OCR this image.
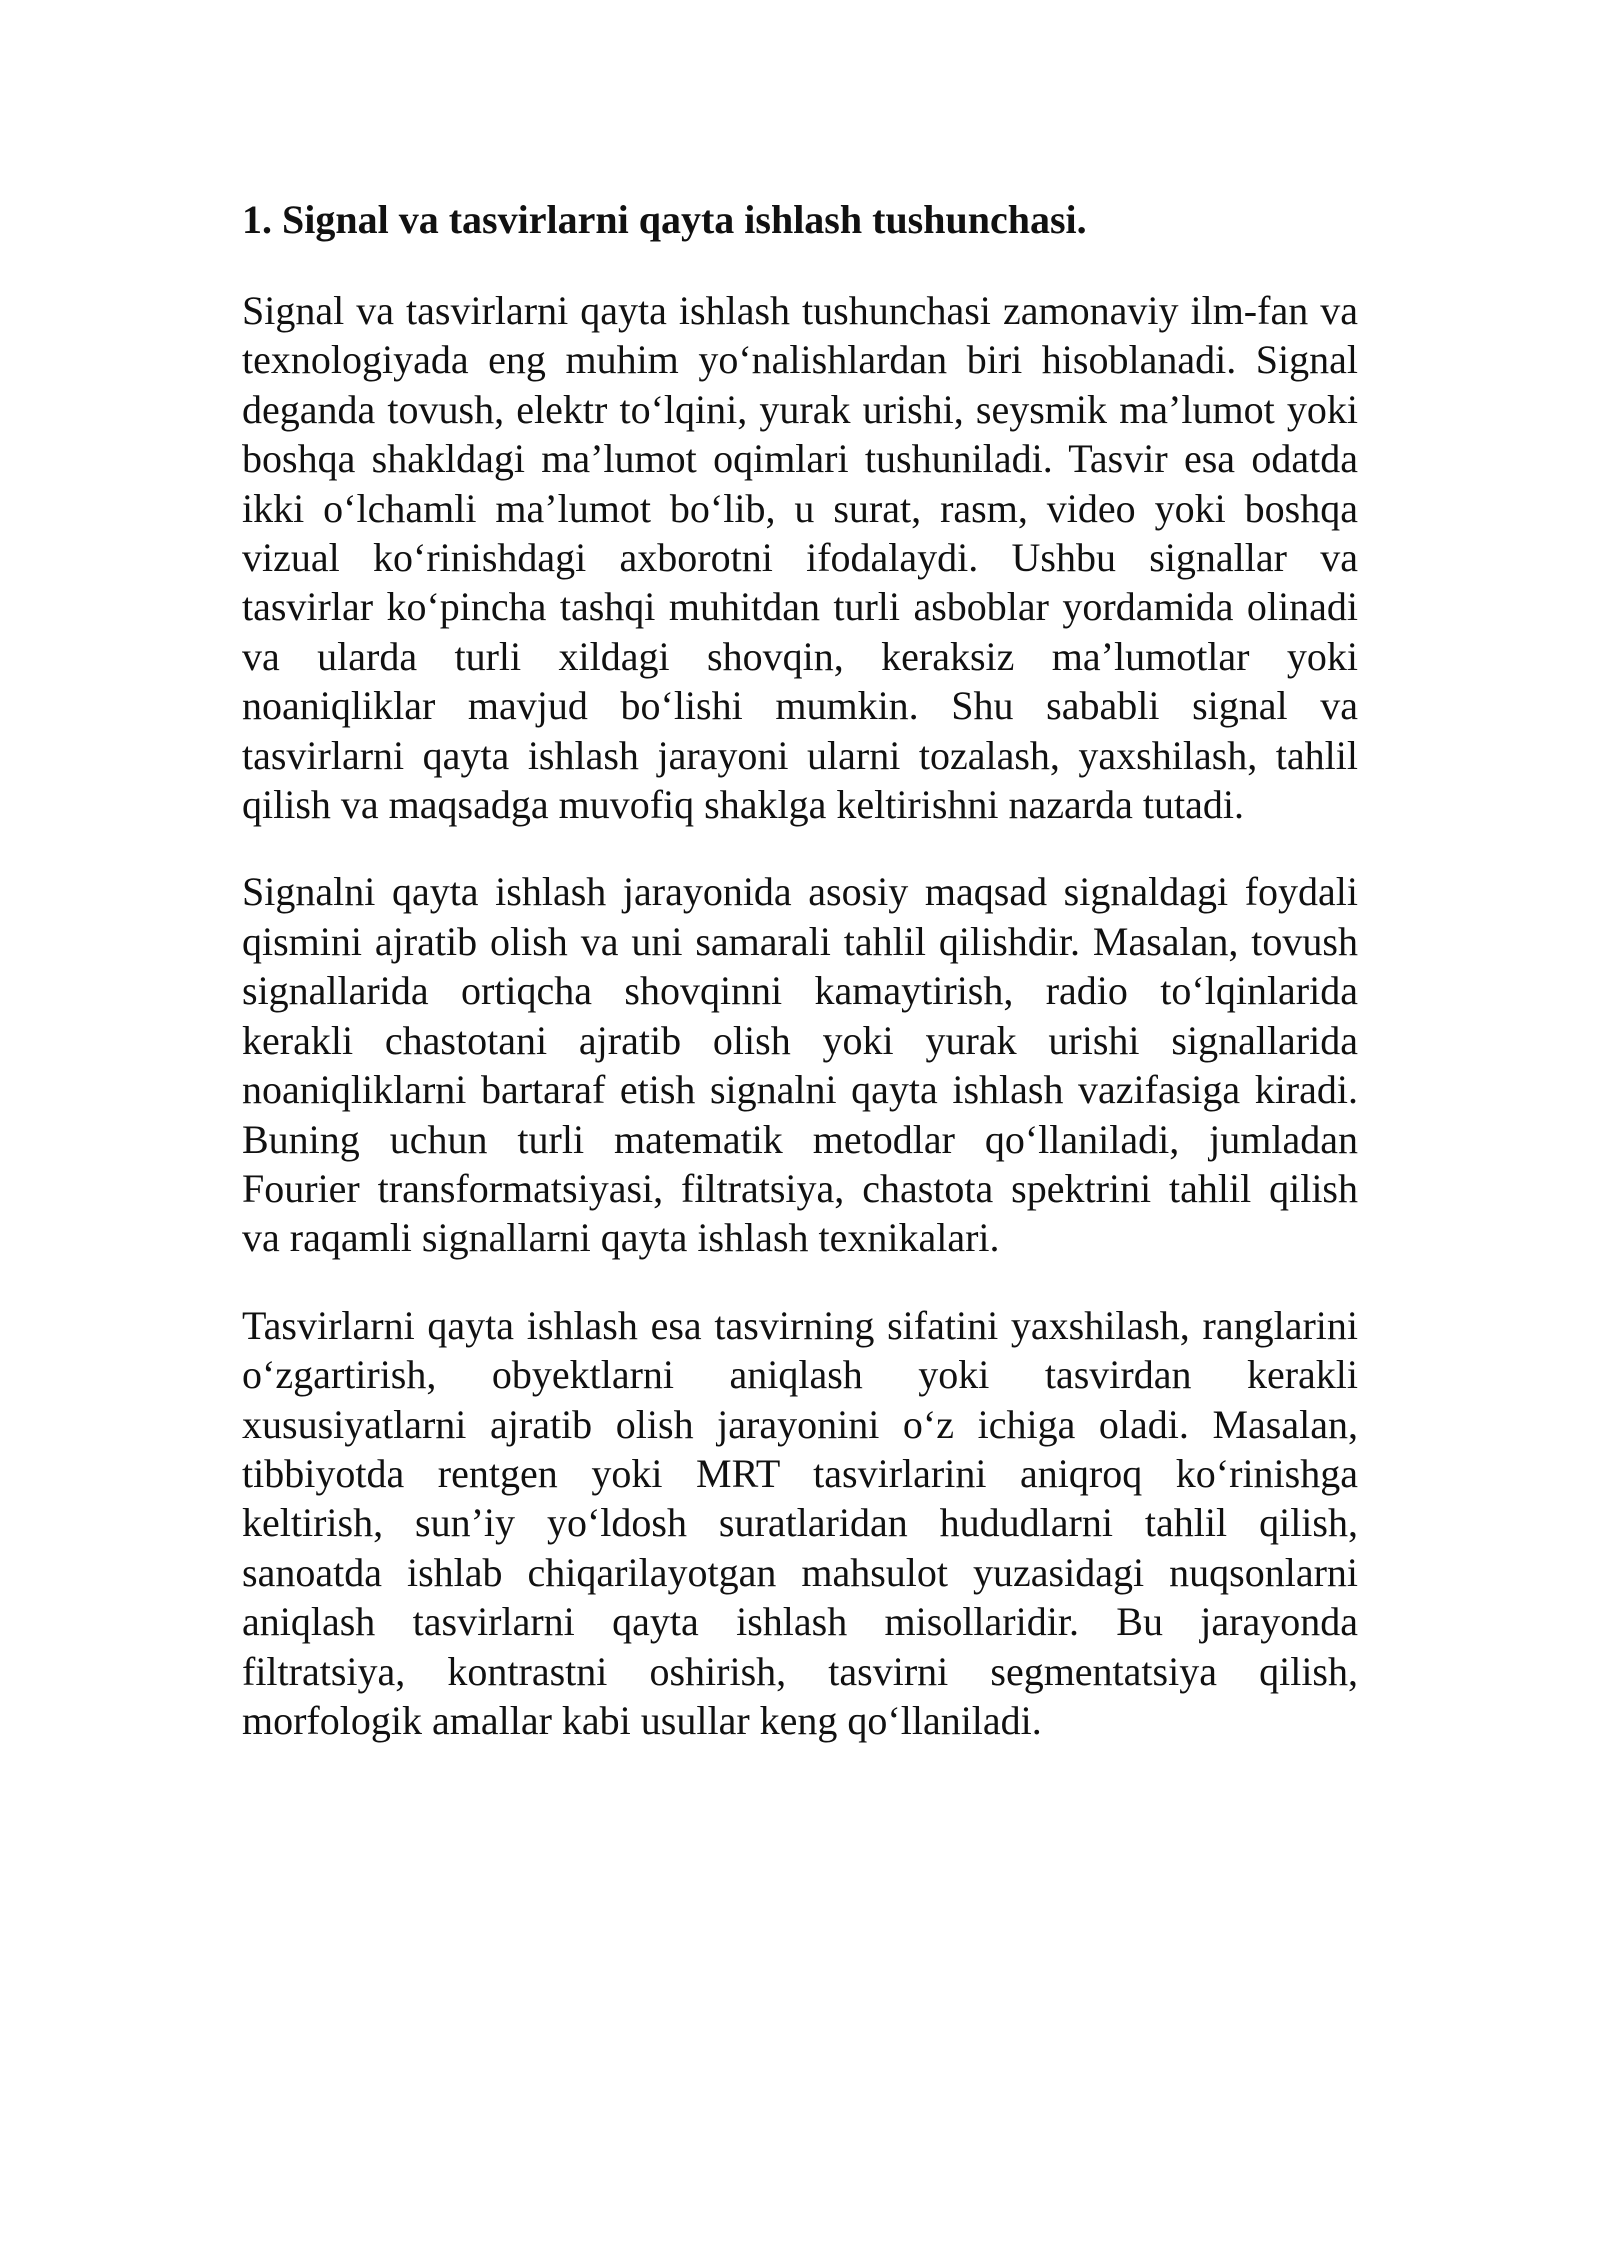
1. Signal va tasvirlarni qayta ishlash tushunchasi.

Signal va tasvirlarni qayta ishlash tushunchasi zamonaviy ilm-fan va texnologiyada eng muhim yo‘nalishlardan biri hisoblanadi. Signal deganda tovush, elektr to‘lqini, yurak urishi, seysmik ma’lumot yoki boshqa shakldagi ma’lumot oqimlari tushuniladi. Tasvir esa odatda ikki o‘lchamli ma’lumot bo‘lib, u surat, rasm, video yoki boshqa vizual ko‘rinishdagi axborotni ifodalaydi. Ushbu signallar va tasvirlar ko‘pincha tashqi muhitdan turli asboblar yordamida olinadi va ularda turli xildagi shovqin, keraksiz ma’lumotlar yoki noaniqliklar mavjud bo‘lishi mumkin. Shu sababli signal va tasvirlarni qayta ishlash jarayoni ularni tozalash, yaxshilash, tahlil qilish va maqsadga muvofiq shaklga keltirishni nazarda tutadi.

Signalni qayta ishlash jarayonida asosiy maqsad signaldagi foydali qismini ajratib olish va uni samarali tahlil qilishdir. Masalan, tovush signallarida ortiqcha shovqinni kamaytirish, radio to‘lqinlarida kerakli chastotani ajratib olish yoki yurak urishi signallarida noaniqliklarni bartaraf etish signalni qayta ishlash vazifasiga kiradi. Buning uchun turli matematik metodlar qo‘llaniladi, jumladan Fourier transformatsiyasi, filtratsiya, chastota spektrini tahlil qilish va raqamli signallarni qayta ishlash texnikalari.

Tasvirlarni qayta ishlash esa tasvirning sifatini yaxshilash, ranglarini o‘zgartirish, obyektlarni aniqlash yoki tasvirdan kerakli xususiyatlarni ajratib olish jarayonini o‘z ichiga oladi. Masalan, tibbiyotda rentgen yoki MRT tasvirlarini aniqroq ko‘rinishga keltirish, sun’iy yo‘ldosh suratlaridan hududlarni tahlil qilish, sanoatda ishlab chiqarilayotgan mahsulot yuzasidagi nuqsonlarni aniqlash tasvirlarni qayta ishlash misollaridir. Bu jarayonda filtratsiya, kontrastni oshirish, tasvirni segmentatsiya qilish, morfologik amallar kabi usullar keng qo‘llaniladi.
